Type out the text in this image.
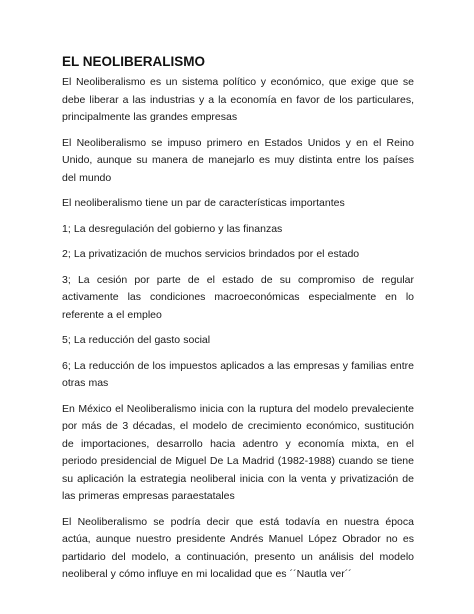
EL NEOLIBERALISMO

El Neoliberalismo es un sistema político y económico, que exige que se debe liberar a las industrias y a la economía en favor de los particulares, principalmente las grandes empresas

El Neoliberalismo se impuso primero en Estados Unidos y en el Reino Unido, aunque su manera de manejarlo es muy distinta entre los países del mundo

El neoliberalismo tiene un par de características importantes

1; La desregulación del gobierno y las finanzas

2; La privatización de muchos servicios brindados por el estado

3; La cesión por parte de el estado de su compromiso de regular activamente las condiciones macroeconómicas especialmente en lo referente a el empleo

5; La reducción del gasto social

6; La reducción de los impuestos aplicados a las empresas y familias entre otras mas

En México el Neoliberalismo inicia con la ruptura del modelo prevaleciente por más de 3 décadas, el modelo de crecimiento económico, sustitución de importaciones, desarrollo hacia adentro y economía mixta, en el periodo presidencial de Miguel De La Madrid (1982-1988) cuando se tiene su aplicación la estrategia neoliberal inicia con la venta y privatización de las primeras empresas paraestatales

El Neoliberalismo se podría decir que está todavía en nuestra época actúa, aunque nuestro presidente Andrés Manuel López Obrador no es partidario del modelo, a continuación, presento un análisis del modelo neoliberal y cómo influye en mi localidad que es ´´Nautla ver´´
